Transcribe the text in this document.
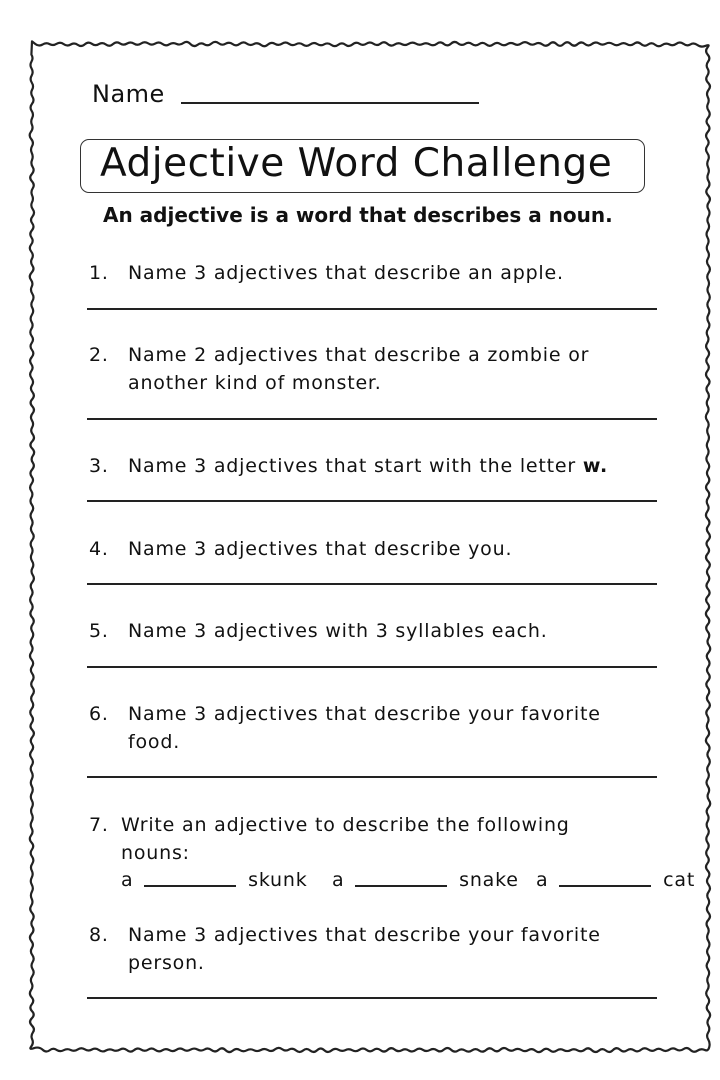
Name
Adjective Word Challenge
An adjective is a word that describes a noun.
1. Name 3 adjectives that describe an apple.
2. Name 2 adjectives that describe a zombie or
another kind of monster.
3. Name 3 adjectives that start with the letter w.
4. Name 3 adjectives that describe you.
5. Name 3 adjectives with 3 syllables each.
6. Name 3 adjectives that describe your favorite
food.
7. Write an adjective to describe the following
nouns:
a	skunk a	snake a	cat
8. Name 3 adjectives that describe your favorite
person.
